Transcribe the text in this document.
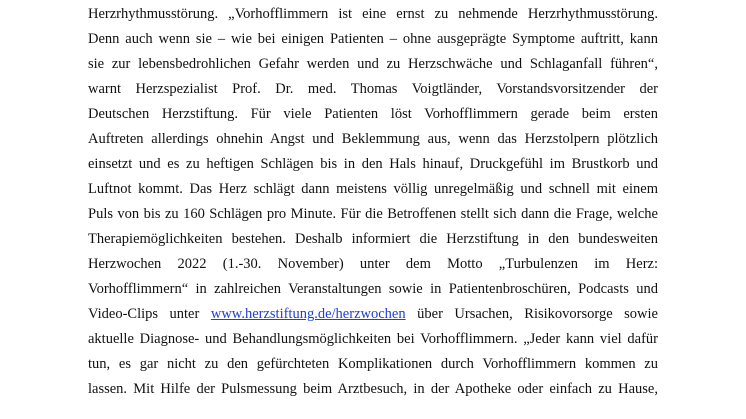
Herzrhythmusstörung. „Vorhofflimmern ist eine ernst zu nehmende Herzrhythmusstörung.
Denn auch wenn sie – wie bei einigen Patienten – ohne ausgeprägte Symptome auftritt, kann
sie zur lebensbedrohlichen Gefahr werden und zu Herzschwäche und Schlaganfall führen“,
warnt Herzspezialist Prof. Dr. med. Thomas Voigtländer, Vorstandsvorsitzender der
Deutschen Herzstiftung. Für viele Patienten löst Vorhofflimmern gerade beim ersten
Auftreten allerdings ohnehin Angst und Beklemmung aus, wenn das Herzstolpern plötzlich
einsetzt und es zu heftigen Schlägen bis in den Hals hinauf, Druckgefühl im Brustkorb und
Luftnot kommt. Das Herz schlägt dann meistens völlig unregelmäßig und schnell mit einem
Puls von bis zu 160 Schlägen pro Minute. Für die Betroffenen stellt sich dann die Frage, welche
Therapiemöglichkeiten bestehen. Deshalb informiert die Herzstiftung in den bundesweiten
Herzwochen 2022 (1.-30. November) unter dem Motto „Turbulenzen im Herz:
Vorhofflimmern“ in zahlreichen Veranstaltungen sowie in Patientenbroschüren, Podcasts und
Video-Clips unter www.herzstiftung.de/herzwochen über Ursachen, Risikovorsorge sowie
aktuelle Diagnose- und Behandlungsmöglichkeiten bei Vorhofflimmern. „Jeder kann viel dafür
tun, es gar nicht zu den gefürchteten Komplikationen durch Vorhofflimmern kommen zu
lassen. Mit Hilfe der Pulsmessung beim Arztbesuch, in der Apotheke oder einfach zu Hause,
